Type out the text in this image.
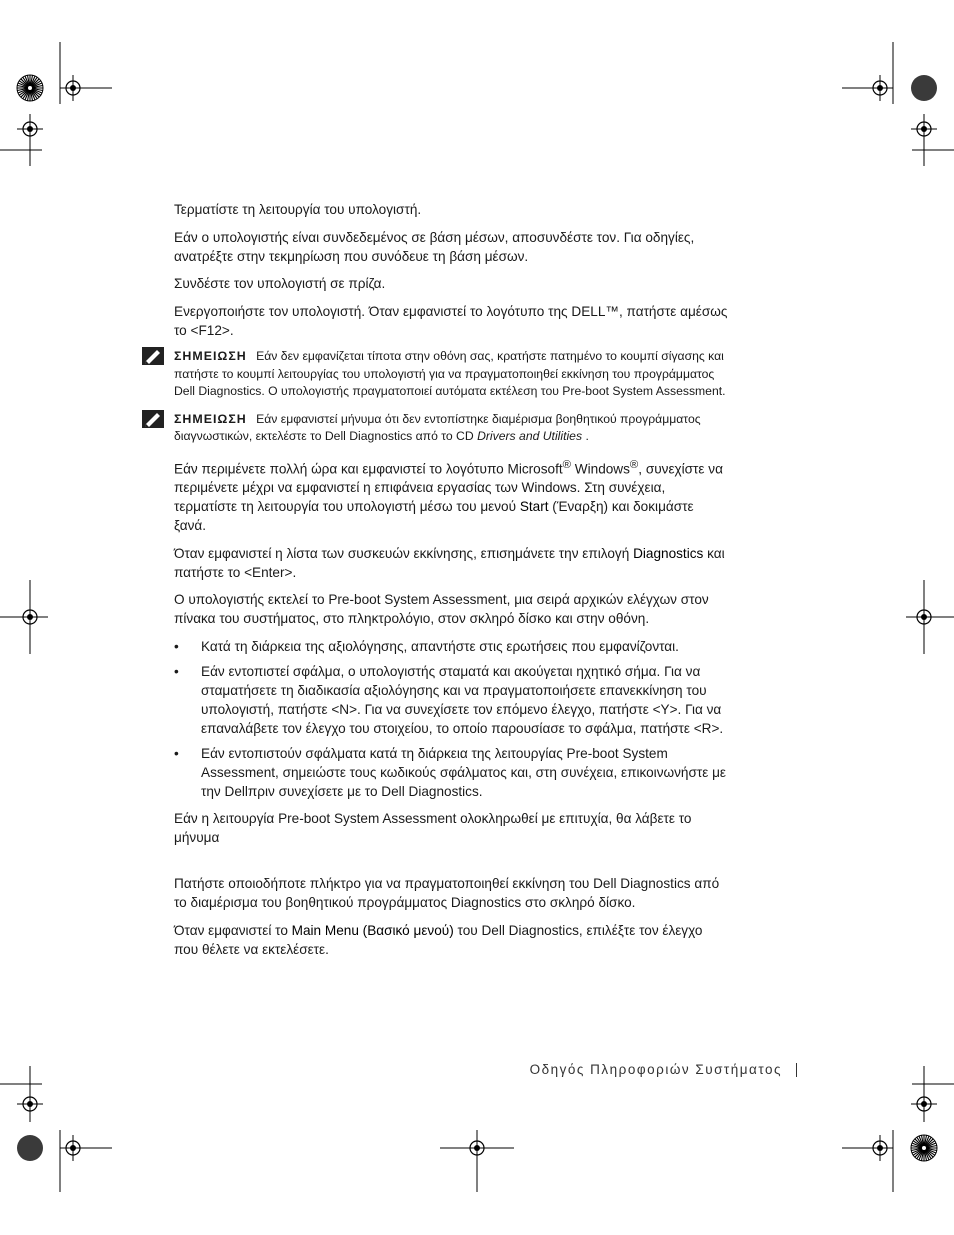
Τερματίστε τη λειτουργία του υπολογιστή.

Εάν ο υπολογιστής είναι συνδεδεμένος σε βάση μέσων, αποσυνδέστε τον. Για οδηγίες, ανατρέξτε στην τεκμηρίωση που συνόδευε τη βάση μέσων.

Συνδέστε τον υπολογιστή σε πρίζα.

Ενεργοποιήστε τον υπολογιστή. Όταν εμφανιστεί το λογότυπο της DELL™, πατήστε αμέσως το <F12>.

ΣΗΜΕΙΩΣΗ Εάν δεν εμφανίζεται τίποτα στην οθόνη σας, κρατήστε πατημένο το κουμπί σίγασης και πατήστε το κουμπί λειτουργίας του υπολογιστή για να πραγματοποιηθεί εκκίνηση του προγράμματος Dell Diagnostics. Ο υπολογιστής πραγματοποιεί αυτόματα εκτέλεση του Pre-boot System Assessment.
ΣΗΜΕΙΩΣΗ Εάν εμφανιστεί μήνυμα ότι δεν εντοπίστηκε διαμέρισμα βοηθητικού προγράμματος διαγνωστικών, εκτελέστε το Dell Diagnostics από το CD Drivers and Utilities .

Εάν περιμένετε πολλή ώρα και εμφανιστεί το λογότυπο Microsoft® Windows®, συνεχίστε να περιμένετε μέχρι να εμφανιστεί η επιφάνεια εργασίας των Windows. Στη συνέχεια, τερματίστε τη λειτουργία του υπολογιστή μέσω του μενού Start (Έναρξη) και δοκιμάστε ξανά.

Όταν εμφανιστεί η λίστα των συσκευών εκκίνησης, επισημάνετε την επιλογή Diagnostics και πατήστε το <Enter>.

Ο υπολογιστής εκτελεί το Pre-boot System Assessment, μια σειρά αρχικών ελέγχων στον πίνακα του συστήματος, στο πληκτρολόγιο, στον σκληρό δίσκο και στην οθόνη.

• Κατά τη διάρκεια της αξιολόγησης, απαντήστε στις ερωτήσεις που εμφανίζονται.
• Εάν εντοπιστεί σφάλμα, ο υπολογιστής σταματά και ακούγεται ηχητικό σήμα. Για να σταματήσετε τη διαδικασία αξιολόγησης και να πραγματοποιήσετε επανεκκίνηση του υπολογιστή, πατήστε <N>. Για να συνεχίσετε τον επόμενο έλεγχο, πατήστε <Y>. Για να επαναλάβετε τον έλεγχο του στοιχείου, το οποίο παρουσίασε το σφάλμα, πατήστε <R>.
• Εάν εντοπιστούν σφάλματα κατά τη διάρκεια της λειτουργίας Pre-boot System Assessment, σημειώστε τους κωδικούς σφάλματος και, στη συνέχεια, επικοινωνήστε με την Dellπριν συνεχίσετε με το Dell Diagnostics.

Εάν η λειτουργία Pre-boot System Assessment ολοκληρωθεί με επιτυχία, θα λάβετε το μήνυμα

Πατήστε οποιοδήποτε πλήκτρο για να πραγματοποιηθεί εκκίνηση του Dell Diagnostics από το διαμέρισμα του βοηθητικού προγράμματος Diagnostics στο σκληρό δίσκο.

Όταν εμφανιστεί το Main Menu (Βασικό μενού) του Dell Diagnostics, επιλέξτε τον έλεγχο που θέλετε να εκτελέσετε.

Οδηγός Πληροφοριών Συστήματος
